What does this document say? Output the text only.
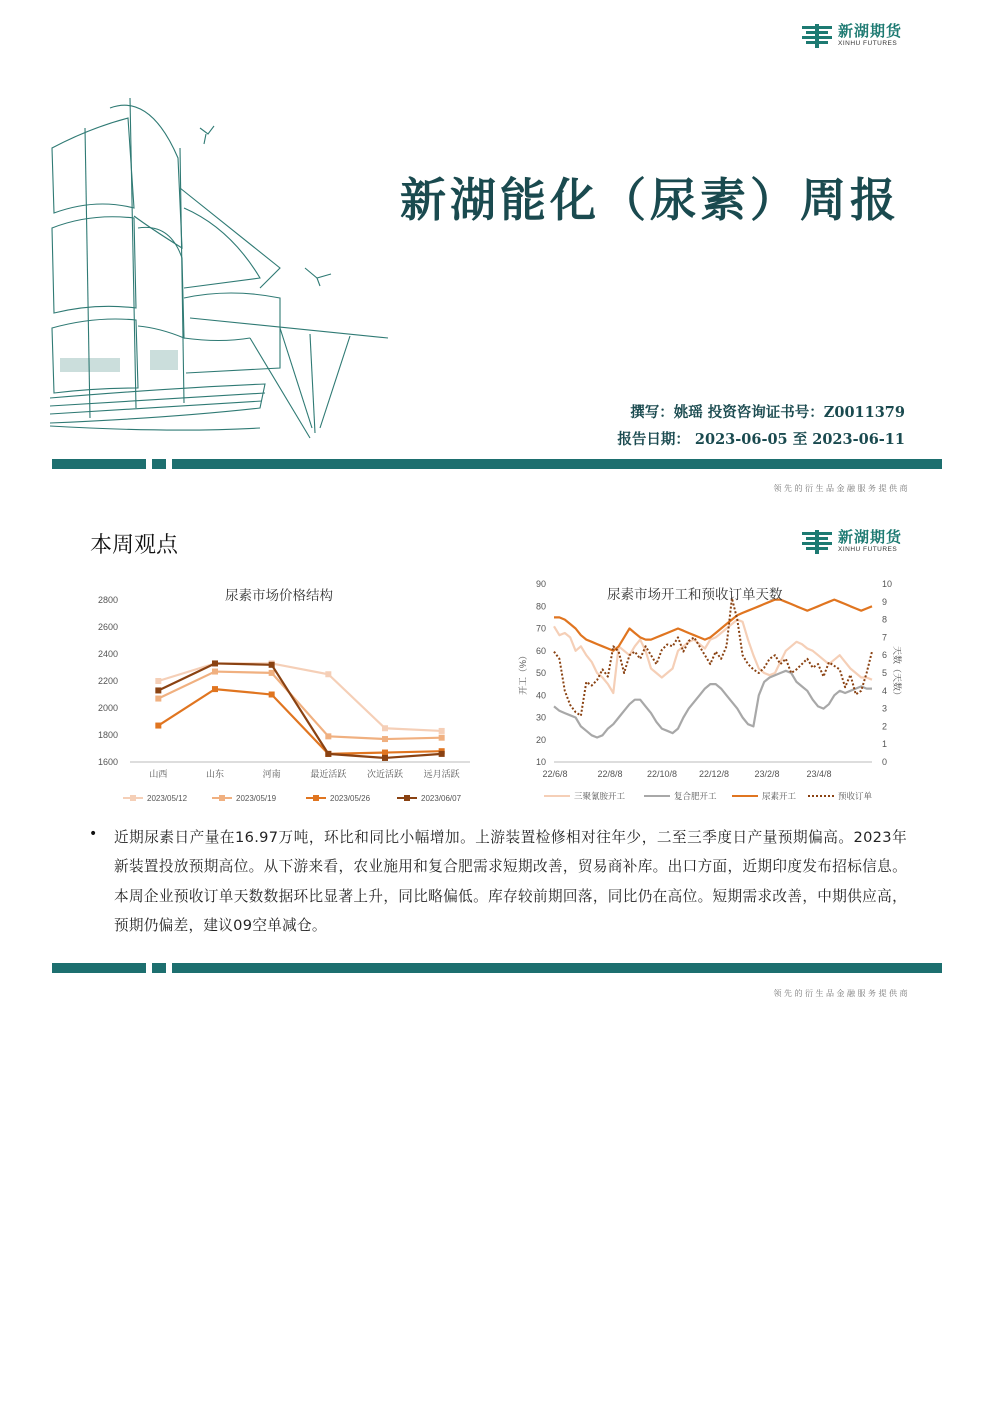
新湖期货
XINHU FUTURES
新湖能化（尿素）周报
撰写：姚瑶 投资咨询证书号：Z0011379
报告日期： 2023-06-05 至 2023-06-11
领先的衍生品金融服务提供商
本周观点	新湖期货
XINHU FUTURES
尿素市场价格结构
1600
1800
2000
2200
2400
2600
2800
山西	山东	河南	最近活跃 次近活跃 远月活跃
2023/05/12	2023/05/19	2023/05/26	2023/06/07
尿素市场开工和预收订单天数
10
20
30
40
50
60
70
80
90
0
1
2
3
4
5
6
7
8
9
10
开工（%）	天数（天数）
22/6/8	22/8/8	22/10/8 22/12/8	23/2/8	23/4/8
三聚氰胺开工	复合肥开工	尿素开工	预收订单
• 近期尿素日产量在16.97万吨，环比和同比小幅增加。上游装置检修相对往年少，二至三季度日产量预期偏高。2023年新装置投放预期高位。从下游来看，农业施用和复合肥需求短期改善，贸易商补库。出口方面，近期印度发布招标信息。本周企业预收订单天数数据环比显著上升，同比略偏低。库存较前期回落，同比仍在高位。短期需求改善，中期供应高，预期仍偏差，建议09空单减仓。
领先的衍生品金融服务提供商
